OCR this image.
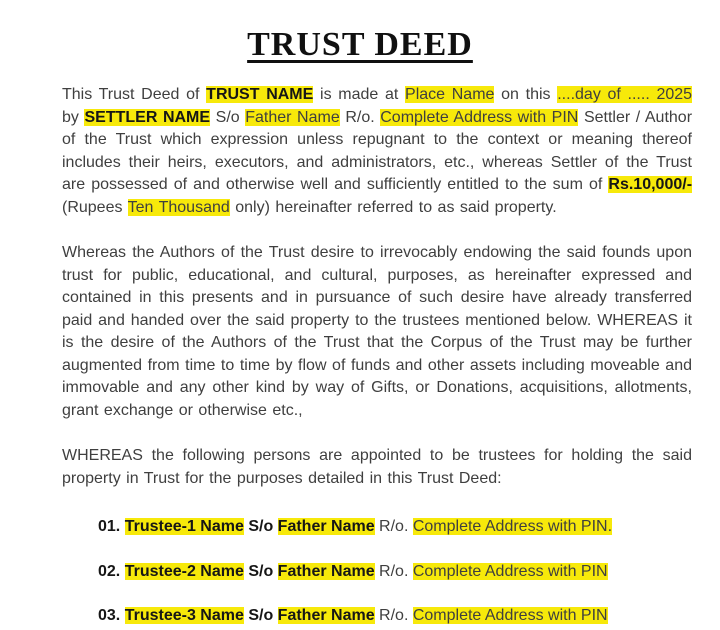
TRUST DEED

This Trust Deed of TRUST NAME is made at Place Name on this ....day of ..... 2025 by SETTLER NAME S/o Father Name R/o. Complete Address with PIN Settler / Author of the Trust which expression unless repugnant to the context or meaning thereof includes their heirs, executors, and administrators, etc., whereas Settler of the Trust are possessed of and otherwise well and sufficiently entitled to the sum of Rs.10,000/- (Rupees Ten Thousand only) hereinafter referred to as said property.

Whereas the Authors of the Trust desire to irrevocably endowing the said founds upon trust for public, educational, and cultural, purposes, as hereinafter expressed and contained in this presents and in pursuance of such desire have already transferred paid and handed over the said property to the trustees mentioned below. WHEREAS it is the desire of the Authors of the Trust that the Corpus of the Trust may be further augmented from time to time by flow of funds and other assets including moveable and immovable and any other kind by way of Gifts, or Donations, acquisitions, allotments, grant exchange or otherwise etc.,

WHEREAS the following persons are appointed to be trustees for holding the said property in Trust for the purposes detailed in this Trust Deed:

01. Trustee-1 Name S/o Father Name R/o. Complete Address with PIN.
02. Trustee-2 Name S/o Father Name R/o. Complete Address with PIN
03. Trustee-3 Name S/o Father Name R/o. Complete Address with PIN
